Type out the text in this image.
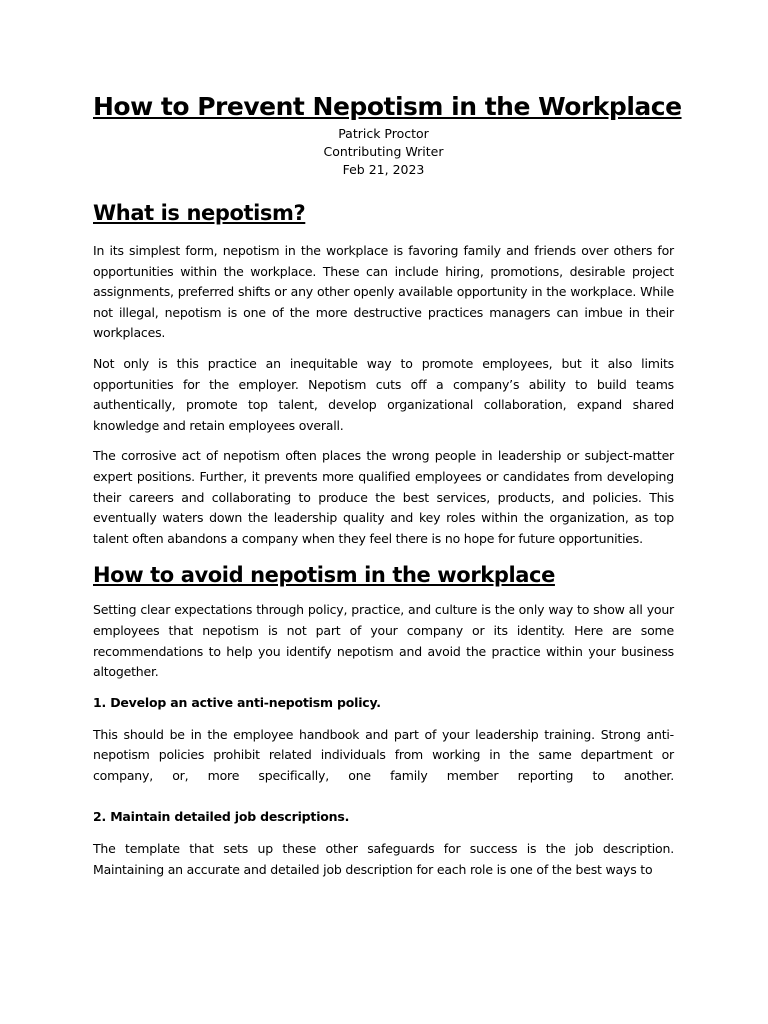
How to Prevent Nepotism in the Workplace
Patrick Proctor
Contributing Writer
Feb 21, 2023
What is nepotism?

In its simplest form, nepotism in the workplace is favoring family and friends over others for opportunities within the workplace. These can include hiring, promotions, desirable project assignments, preferred shifts or any other openly available opportunity in the workplace. While not illegal, nepotism is one of the more destructive practices managers can imbue in their workplaces.

Not only is this practice an inequitable way to promote employees, but it also limits opportunities for the employer. Nepotism cuts off a company’s ability to build teams authentically, promote top talent, develop organizational collaboration, expand shared knowledge and retain employees overall.

The corrosive act of nepotism often places the wrong people in leadership or subject-matter expert positions. Further, it prevents more qualified employees or candidates from developing their careers and collaborating to produce the best services, products, and policies. This eventually waters down the leadership quality and key roles within the organization, as top talent often abandons a company when they feel there is no hope for future opportunities.

How to avoid nepotism in the workplace

Setting clear expectations through policy, practice, and culture is the only way to show all your employees that nepotism is not part of your company or its identity. Here are some recommendations to help you identify nepotism and avoid the practice within your business altogether.

1. Develop an active anti-nepotism policy.

This should be in the employee handbook and part of your leadership training. Strong anti-nepotism policies prohibit related individuals from working in the same department or company, or, more specifically, one family member reporting to another.

2. Maintain detailed job descriptions.

The template that sets up these other safeguards for success is the job description. Maintaining an accurate and detailed job description for each role is one of the best ways to
